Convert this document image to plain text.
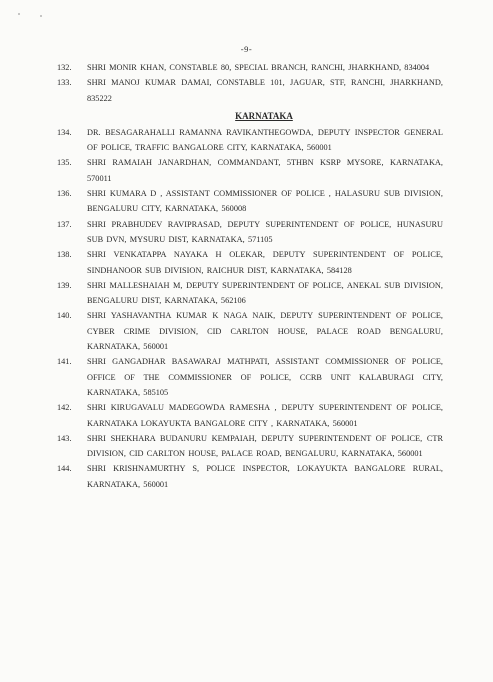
-9-
132.	SHRI MONIR KHAN, CONSTABLE 80, SPECIAL BRANCH, RANCHI, JHARKHAND, 834004
133.	SHRI MANOJ KUMAR DAMAI, CONSTABLE 101, JAGUAR, STF, RANCHI, JHARKHAND, 835222
KARNATAKA
134.	DR. BESAGARAHALLI RAMANNA RAVIKANTHEGOWDA, DEPUTY INSPECTOR GENERAL OF POLICE, TRAFFIC BANGALORE CITY, KARNATAKA, 560001
135.	SHRI RAMAIAH JANARDHAN, COMMANDANT, 5THBN KSRP MYSORE, KARNATAKA, 570011
136.	SHRI KUMARA D , ASSISTANT COMMISSIONER OF POLICE , HALASURU SUB DIVISION, BENGALURU CITY, KARNATAKA, 560008
137.	SHRI PRABHUDEV RAVIPRASAD, DEPUTY SUPERINTENDENT OF POLICE, HUNASURU SUB DVN, MYSURU DIST, KARNATAKA, 571105
138.	SHRI VENKATAPPA NAYAKA H OLEKAR, DEPUTY SUPERINTENDENT OF POLICE, SINDHANOOR SUB DIVISION, RAICHUR DIST, KARNATAKA, 584128
139.	SHRI MALLESHAIAH M, DEPUTY SUPERINTENDENT OF POLICE, ANEKAL SUB DIVISION, BENGALURU DIST, KARNATAKA, 562106
140.	SHRI YASHAVANTHA KUMAR K NAGA NAIK, DEPUTY SUPERINTENDENT OF POLICE, CYBER CRIME DIVISION, CID CARLTON HOUSE, PALACE ROAD BENGALURU, KARNATAKA, 560001
141.	SHRI GANGADHAR BASAWARAJ MATHPATI, ASSISTANT COMMISSIONER OF POLICE, OFFICE OF THE COMMISSIONER OF POLICE, CCRB UNIT KALABURAGI CITY, KARNATAKA, 585105
142.	SHRI KIRUGAVALU MADEGOWDA RAMESHA , DEPUTY SUPERINTENDENT OF POLICE, KARNATAKA LOKAYUKTA BANGALORE CITY , KARNATAKA, 560001
143.	SHRI SHEKHARA BUDANURU KEMPAIAH, DEPUTY SUPERINTENDENT OF POLICE, CTR DIVISION, CID CARLTON HOUSE, PALACE ROAD, BENGALURU, KARNATAKA, 560001
144.	SHRI KRISHNAMURTHY S, POLICE INSPECTOR, LOKAYUKTA BANGALORE RURAL, KARNATAKA, 560001
